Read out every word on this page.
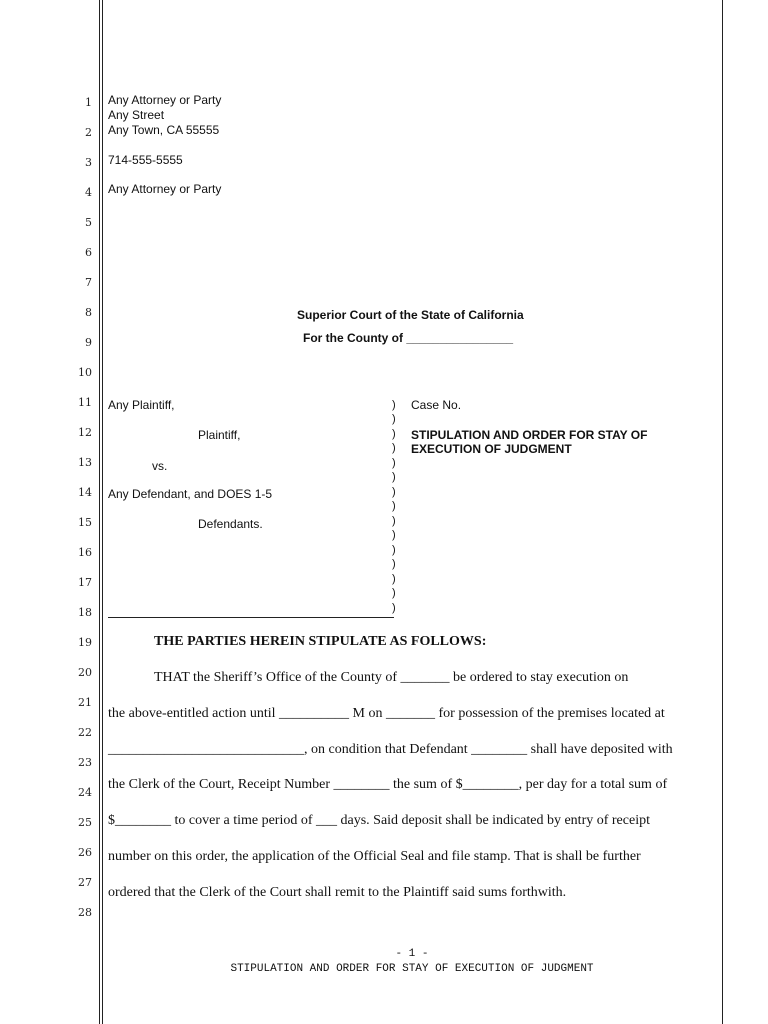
1
2
3
4
5
6
7
8
9
10
11
12
13
14
15
16
17
18
19
20
21
22
23
24
25
26
27
28
Any Attorney or Party
Any Street
Any Town, CA 55555
714-555-5555
Any Attorney or Party
Superior Court of the State of California
For the County of ________________
Any Plaintiff,
Plaintiff,
vs.
Any Defendant, and DOES 1-5
Defendants.
)
)
)
)
)
)
)
)
)
)
)
)
)
)
)
Case No.
STIPULATION AND ORDER FOR STAY OF
EXECUTION OF JUDGMENT
THE PARTIES HEREIN STIPULATE AS FOLLOWS:
THAT the Sheriff’s Office of the County of _______ be ordered to stay execution on
the above-entitled action until __________ M on _______ for possession of the premises located at
____________________________, on condition that Defendant ________ shall have deposited with
the Clerk of the Court, Receipt Number ________ the sum of $________, per day for a total sum of
$________ to cover a time period of ___ days. Said deposit shall be indicated by entry of receipt
number on this order, the application of the Official Seal and file stamp. That is shall be further
ordered that the Clerk of the Court shall remit to the Plaintiff said sums forthwith.
- 1 -
STIPULATION AND ORDER FOR STAY OF EXECUTION OF JUDGMENT
